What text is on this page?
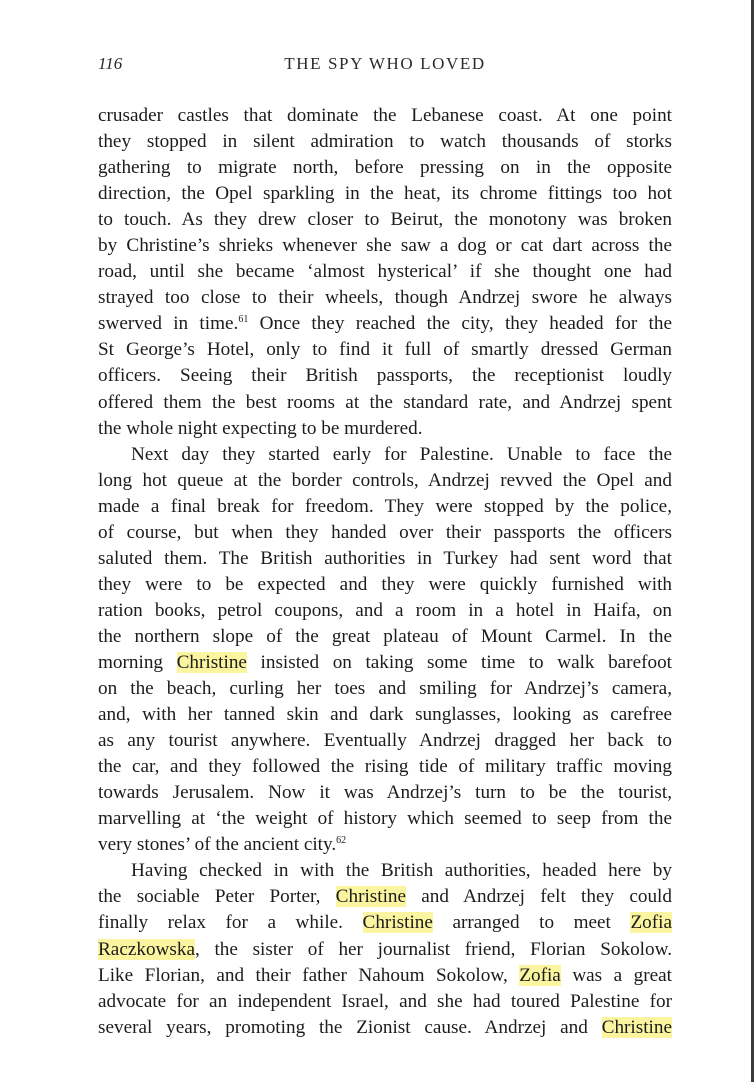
116	THE SPY WHO LOVED
crusader castles that dominate the Lebanese coast. At one point
they stopped in silent admiration to watch thousands of storks
gathering to migrate north, before pressing on in the opposite
direction, the Opel sparkling in the heat, its chrome fittings too hot
to touch. As they drew closer to Beirut, the monotony was broken
by Christine’s shrieks whenever she saw a dog or cat dart across the
road, until she became ‘almost hysterical’ if she thought one had
strayed too close to their wheels, though Andrzej swore he always
swerved in time.$^{61}$ Once they reached the city, they headed for the
St George’s Hotel, only to find it full of smartly dressed German
officers. Seeing their British passports, the receptionist loudly
offered them the best rooms at the standard rate, and Andrzej spent
the whole night expecting to be murdered.
Next day they started early for Palestine. Unable to face the
long hot queue at the border controls, Andrzej revved the Opel and
made a final break for freedom. They were stopped by the police,
of course, but when they handed over their passports the officers
saluted them. The British authorities in Turkey had sent word that
they were to be expected and they were quickly furnished with
ration books, petrol coupons, and a room in a hotel in Haifa, on
the northern slope of the great plateau of Mount Carmel. In the
morning Christine insisted on taking some time to walk barefoot
on the beach, curling her toes and smiling for Andrzej’s camera,
and, with her tanned skin and dark sunglasses, looking as carefree
as any tourist anywhere. Eventually Andrzej dragged her back to
the car, and they followed the rising tide of military traffic moving
towards Jerusalem. Now it was Andrzej’s turn to be the tourist,
marvelling at ‘the weight of history which seemed to seep from the
very stones’ of the ancient city.$^{62}$
Having checked in with the British authorities, headed here by
the sociable Peter Porter, Christine and Andrzej felt they could
finally relax for a while. Christine arranged to meet Zofia
Raczkowska, the sister of her journalist friend, Florian Sokolow.
Like Florian, and their father Nahoum Sokolow, Zofia was a great
advocate for an independent Israel, and she had toured Palestine for
several years, promoting the Zionist cause. Andrzej and Christine
